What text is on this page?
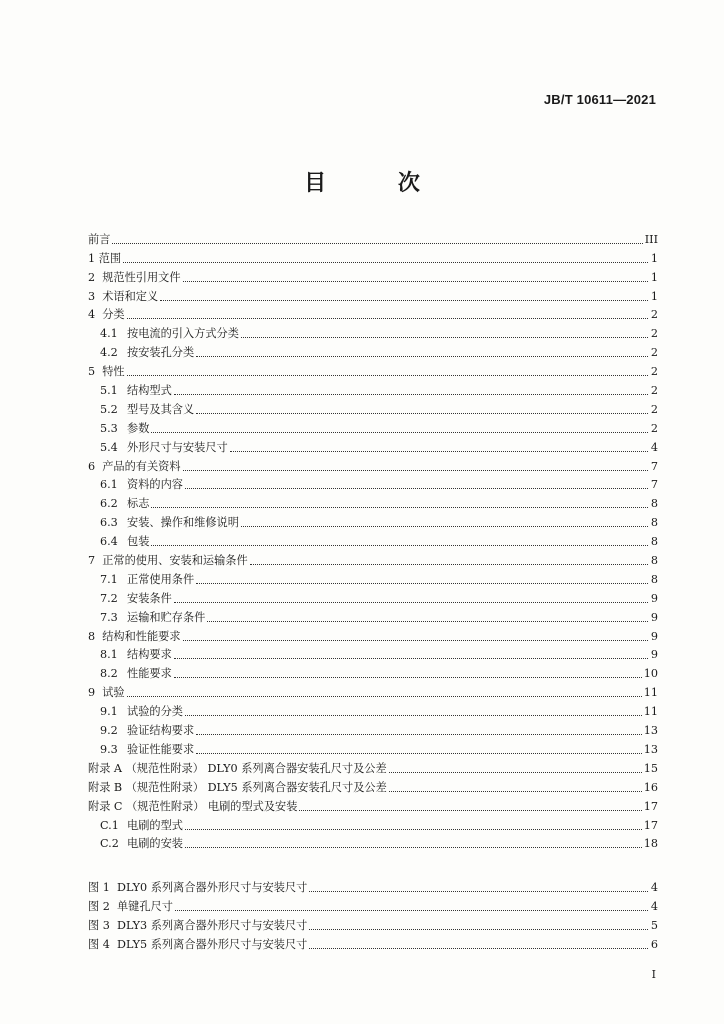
JB/T 10611—2021
目 次
前言	III
1 范围	1
2 规范性引用文件	1
3 术语和定义	1
4 分类	2
4.1 按电流的引入方式分类	2
4.2 按安装孔分类	2
5 特性	2
5.1 结构型式	2
5.2 型号及其含义	2
5.3 参数	2
5.4 外形尺寸与安装尺寸	4
6 产品的有关资料	7
6.1 资料的内容	7
6.2 标志	8
6.3 安装、操作和维修说明	8
6.4 包装	8
7 正常的使用、安装和运输条件	8
7.1 正常使用条件	8
7.2 安装条件	9
7.3 运输和贮存条件	9
8 结构和性能要求	9
8.1 结构要求	9
8.2 性能要求	10
9 试验	11
9.1 试验的分类	11
9.2 验证结构要求	13
9.3 验证性能要求	13
附录 A （规范性附录） DLY0 系列离合器安装孔尺寸及公差	15
附录 B （规范性附录） DLY5 系列离合器安装孔尺寸及公差	16
附录 C （规范性附录） 电刷的型式及安装	17
C.1 电刷的型式	17
C.2 电刷的安装	18
图 1 DLY0 系列离合器外形尺寸与安装尺寸	4
图 2 单键孔尺寸	4
图 3 DLY3 系列离合器外形尺寸与安装尺寸	5
图 4 DLY5 系列离合器外形尺寸与安装尺寸	6
I
